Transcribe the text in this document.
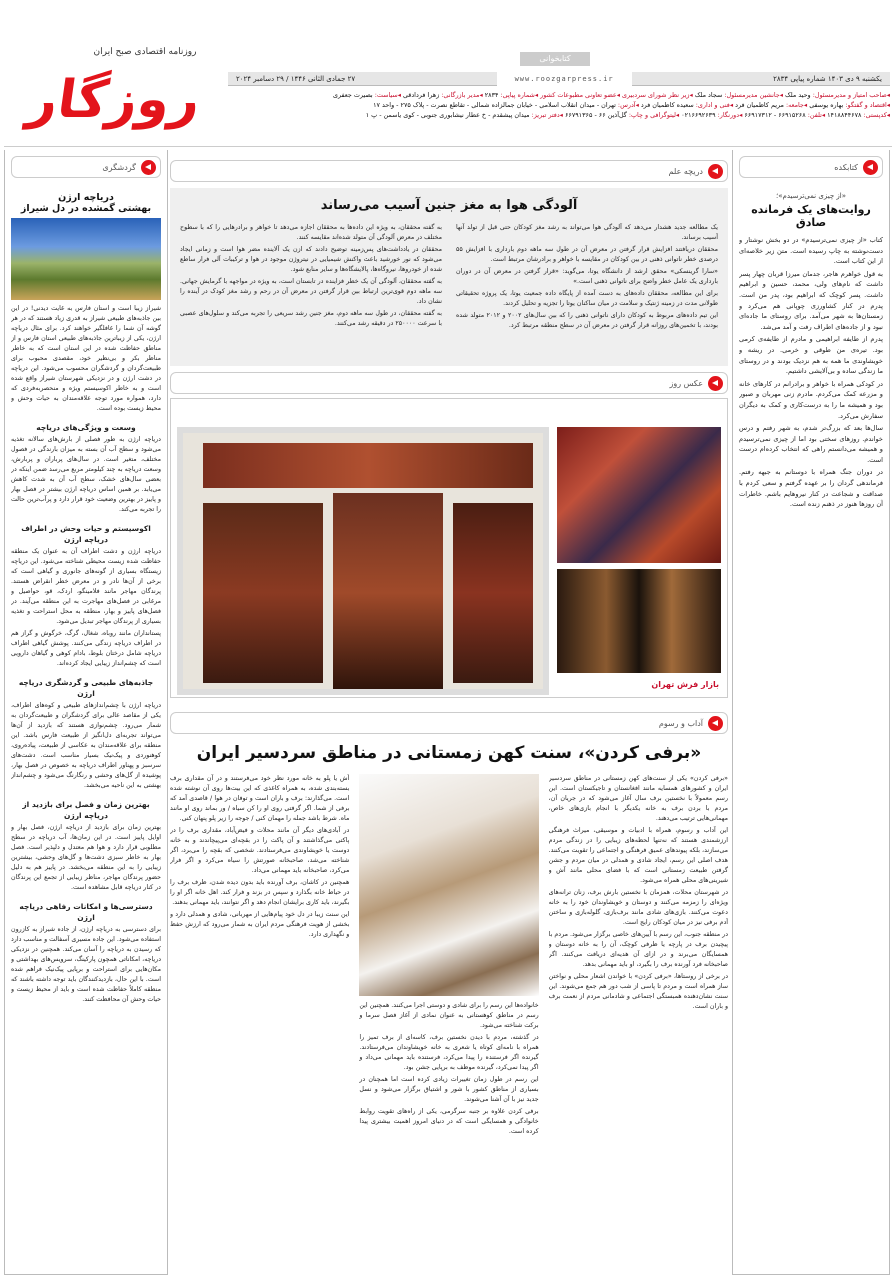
روزنامه اقتصادی صبح ایران
روزگار
کتابخوانی
یکشنبه ۹ دی ۱۴۰۳ شماره پیاپی ۲۸۳۴
www.roozgarpress.ir
۲۷ جمادی الثانی ۱۴۴۶ / ۲۹ دسامبر ۲۰۲۴
◂صاحب امتیاز و مدیرمسئول: وحید ملک ◂جانشین مدیرمسئول: سجاد ملک ◂زیر نظر شورای سردبیری ◂عضو تعاونی مطبوعات کشور ◂شماره پیاپی: ۲۸۳۴ ◂مدیر بازرگانی: زهرا فردادقی ◂سیاست: بصیرت جعفری
◂اقتصاد و گفتگو: بهاره یوسفی ◂جامعه: مریم کاظمیان فرد ◂فنی و اداری: سعیده کاظمیان فرد ◂آدرس: تهران - میدان انقلاب اسلامی - خیابان جمالزاده شمالی - تقاطع نصرت - پلاک ۲۷۵ - واحد ۱۷
◂کدپستی: ۱۴۱۸۸۴۴۶۷۸ ◂تلفن: ۶۶۹۱۵۲۶۸ - ۶۶۹۱۷۳۱۲ ◂دورنگار: ۰۲۱۶۶۹۲۶۳۹ ◂لیتوگرافی و چاپ: گل‌آذین ۶۶ - ۶۶۷۹۱۳۶۵ ◂دفتر تبریز: میدان پیشقدم - خ عطار نیشابوری جنوبی - کوی یاسمن - پ ۱
کتابکده
«از چیزی نمی‌ترسیدم»؛
روایت‌های یک فرمانده صادق

کتاب «از چیزی نمی‌ترسیدم» در دو بخش نوشتار و دست‌نوشته به چاپ رسیده است. متن زیر خلاصه‌ای از این کتاب است.

به قول خواهرم هاجر، جدمان میرزا قربان چهار پسر داشت که نام‌های ولی، محمد، حسین و ابراهیم داشت. پسر کوچک که ابراهیم بود، پدر من است. پدرم در کنار کشاورزی چوپانی هم می‌کرد و زمستان‌ها به شهر می‌آمد. برای روستای ما جاده‌ای نبود و از جاده‌های اطراف رفت و آمد می‌شد.

پدرم از طایفه ابراهیمی و مادرم از طایفه‌ی کرمی بود. تیره‌ی من طوقی و خرمی. در ریشه و خویشاوندی ما همه به هم نزدیک بودند و در روستای ما زندگی ساده و بی‌آلایشی داشتیم.

در کودکی همراه با خواهر و برادرانم در کارهای خانه و مزرعه کمک می‌کردم. مادرم زنی مهربان و صبور بود و همیشه ما را به درست‌کاری و کمک به دیگران سفارش می‌کرد.

سال‌ها بعد که بزرگ‌تر شدم، به شهر رفتم و درس خواندم. روزهای سختی بود اما از چیزی نمی‌ترسیدم و همیشه می‌دانستم راهی که انتخاب کرده‌ام درست است.

در دوران جنگ همراه با دوستانم به جبهه رفتم. فرماندهی گردان را بر عهده گرفتم و سعی کردم با صداقت و شجاعت در کنار نیروهایم باشم. خاطرات آن روزها هنوز در ذهنم زنده است.

گردشگری
دریاچه ارژن
بهشتی گمشده در دل شیراز

شیراز زیبا است و استان فارس به غایت دیدنی! در این بین جاذبه‌های طبیعی شیراز به قدری زیاد هستند که در هر گوشه آن شما را غافلگیر خواهند کرد. برای مثال دریاچه ارژن، یکی از زیباترین جاذبه‌های طبیعی استان فارس و از مناطق حفاظت شده در این استان است که به خاطر مناظر بکر و بی‌نظیر خود، مقصدی محبوب برای طبیعت‌گردان و گردشگران محسوب می‌شود. این دریاچه در دشت ارژن و در نزدیکی شهرستان شیراز واقع شده است و به خاطر اکوسیستم ویژه و منحصربه‌فردی که دارد، همواره مورد توجه علاقه‌مندان به حیات وحش و محیط زیست بوده است.

وسعت و ویژگی‌های دریاچه

دریاچه ارژن به طور فصلی از بارش‌های سالانه تغذیه می‌شود و سطح آب آن بسته به میزان بارندگی در فصول مختلف، متغیر است. در سال‌های پرباران و پربارش، وسعت دریاچه به چند کیلومتر مربع می‌رسد ضمن اینکه در بعضی سال‌های خشک، سطح آب آن به شدت کاهش می‌یابد. بر همین اساس دریاچه ارژن بیشتر در فصل بهار و پاییز در بهترین وضعیت خود قرار دارد و پرآب‌ترین حالت را تجربه می‌کند.

اکوسیستم و حیات وحش در اطراف دریاچه ارژن

دریاچه ارژن و دشت اطراف آن به عنوان یک منطقه حفاظت شده زیست محیطی شناخته می‌شود. این دریاچه زیستگاه بسیاری از گونه‌های جانوری و گیاهی است که برخی از آن‌ها نادر و در معرض خطر انقراض هستند. پرندگان مهاجر مانند فلامینگو، اردک، قو، حواصیل و مرغابی در فصل‌های مهاجرت به این منطقه می‌آیند. در فصل‌های پاییز و بهار، منطقه به محل استراحت و تغذیه بسیاری از پرندگان مهاجر تبدیل می‌شود.

پستانداران مانند روباه، شغال، گرگ، خرگوش و گراز هم در اطراف دریاچه زندگی می‌کنند. پوشش گیاهی اطراف دریاچه شامل درختان بلوط، بادام کوهی و گیاهان دارویی است که چشم‌انداز زیبایی ایجاد کرده‌اند.

جاذبه‌های طبیعی و گردشگری دریاچه ارژن

دریاچه ارژن با چشم‌اندازهای طبیعی و کوه‌های اطراف، یکی از مقاصد عالی برای گردشگران و طبیعت‌گردان به شمار می‌رود. چشم‌نوازی هستند که بازدید از آن‌ها می‌تواند تجربه‌ای دل‌انگیز از طبیعت فارس باشد. این منطقه برای علاقه‌مندان به عکاسی از طبیعت، پیاده‌روی، کوهنوردی و پیک‌نیک بسیار مناسب است. دشت‌های سرسبز و پهناور اطراف دریاچه به خصوص در فصل بهار، پوشیده از گل‌های وحشی و رنگارنگ می‌شود و چشم‌انداز بهشتی به این ناحیه می‌بخشد.

بهترین زمان و فصل برای بازدید از دریاچه ارژن

بهترین زمان برای بازدید از دریاچه ارژن، فصل بهار و اوایل پاییز است. در این زمان‌ها، آب دریاچه در سطح مطلوبی قرار دارد و هوا هم معتدل و دلپذیر است. فصل بهار به خاطر سبزی دشت‌ها و گل‌های وحشی، بیشترین زیبایی را به این منطقه می‌بخشد. در پاییز هم به دلیل حضور پرندگان مهاجر، مناظر زیبایی از تجمع این پرندگان در کنار دریاچه قابل مشاهده است.

دسترسی‌ها و امکانات رفاهی دریاچه ارژن

برای دسترسی به دریاچه ارژن، از جاده شیراز به کازرون استفاده می‌شود. این جاده مسیری آسفالت و مناسب دارد که رسیدن به دریاچه را آسان می‌کند. همچنین در نزدیکی دریاچه، امکاناتی همچون پارکینگ، سرویس‌های بهداشتی و مکان‌هایی برای استراحت و برپایی پیک‌نیک فراهم شده است. با این حال، بازدیدکنندگان باید توجه داشته باشند که منطقه کاملاً حفاظت شده است و باید از محیط زیست و حیات وحش آن محافظت کنند.

دریچه علم
آلودگی هوا به مغز جنین آسیب می‌رساند

یک مطالعه جدید هشدار می‌دهد که آلودگی هوا می‌تواند به رشد مغز کودکان حتی قبل از تولد آنها آسیب برساند.

محققان دریافتند افزایش قرار گرفتن در معرض آن در طول سه ماهه دوم بارداری با افزایش ۵۵ درصدی خطر ناتوانی ذهنی در بین کودکان در مقایسه با خواهر و برادرشان مرتبط است.

«سارا گرینسکی» محقق ارشد از دانشگاه یوتا، می‌گوید: «قرار گرفتن در معرض آن در دوران بارداری یک عامل خطر واضح برای ناتوانی ذهنی است.»

برای این مطالعه، محققان داده‌های به دست آمده از پایگاه داده جمعیت یوتا، یک پروژه تحقیقاتی طولانی مدت در زمینه ژنتیک و سلامت در میان ساکنان یوتا را تجزیه و تحلیل کردند.

این تیم داده‌های مربوط به کودکان دارای ناتوانی ذهنی را که بین سال‌های ۲۰۰۲ و ۲۰۱۲ متولد شده بودند، با تخمین‌های روزانه قرار گرفتن در معرض آن در سطح منطقه مرتبط کرد.

به گفته محققان، به ویژه این داده‌ها به محققان اجازه می‌دهد تا خواهر و برادرهایی را که با سطوح مختلف در معرض آلودگی آن متولد شده‌اند مقایسه کنند.

محققان در یادداشت‌های پس‌زمینه توضیح دادند که ازن یک آلاینده مضر هوا است و زمانی ایجاد می‌شود که نور خورشید باعث واکنش شیمیایی در نیتروژن موجود در هوا و ترکیبات آلی فرار ساطع شده از خودروها، نیروگاه‌ها، پالایشگاه‌ها و سایر منابع شود.

به گفته محققان، آلودگی آن یک خطر فزاینده در تابستان است، به ویژه در مواجهه با گرمایش جهانی. سه ماهه دوم قوی‌ترین ارتباط بین قرار گرفتن در معرض آن در رحم و رشد مغز کودک در آینده را نشان داد.

به گفته محققان، در طول سه ماهه دوم، مغز جنین رشد سریعی را تجربه می‌کند و سلول‌های عصبی با سرعت ۲۵۰۰۰۰ در دقیقه رشد می‌کنند.

عکس روز
بازار فرش تهران
آداب و رسوم
«برفی کردن»، سنت کهن زمستانی در مناطق سردسیر ایران

«برفی کردن» یکی از سنت‌های کهن زمستانی در مناطق سردسیر ایران و کشورهای همسایه مانند افغانستان و تاجیکستان است. این رسم معمولاً با نخستین برف سال آغاز می‌شود که در جریان آن، مردم با بردن برف به خانه یکدیگر با انجام بازی‌های خاص، مهمانی‌هایی ترتیب می‌دهند.

این آداب و رسوم، همراه با ادبیات و موسیقی، میراث فرهنگی ارزشمندی هستند که نه‌تنها لحظه‌های زیبایی را در زندگی مردم می‌سازند، بلکه پیوندهای عمیق فرهنگی و اجتماعی را تقویت می‌کنند. هدف اصلی این رسم، ایجاد شادی و همدلی در میان مردم و جشن گرفتن طبیعت زمستانی است که با فضای محلی مانند آش و شیرینی‌های محلی همراه می‌شود.

در شهرستان محلات، همزمان با نخستین بارش برف، زنان ترانه‌های ویژه‌ای را زمزمه می‌کنند و دوستان و خویشاوندان خود را به خانه دعوت می‌کنند. بازی‌های شادی مانند برف‌بازی، گلوله‌بازی و ساختن آدم برفی نیز در میان کودکان رایج است.

در منطقه جنوب، این رسم با آیین‌های خاصی برگزار می‌شود. مردم با پیچیدن برف در پارچه یا ظرفی کوچک، آن را به خانه دوستان و همسایگان می‌برند و در ازای آن هدیه‌ای دریافت می‌کنند. اگر صاحبخانه فرد آورنده برف را بگیرد، او باید مهمانی بدهد.

در برخی از روستاها، «برفی کردن» با خواندن اشعار محلی و نواختن ساز همراه است و مردم تا پاسی از شب دور هم جمع می‌شوند. این سنت نشان‌دهنده همبستگی اجتماعی و شادمانی مردم از نعمت برف و باران است.

خانواده‌ها این رسم را برای شادی و دوستی اجرا می‌کنند. همچنین این رسم در مناطق کوهستانی به عنوان نمادی از آغاز فصل سرما و برکت شناخته می‌شود.

در گذشته، مردم با دیدن نخستین برف، کاسه‌ای از برف تمیز را همراه با نامه‌ای کوتاه یا شعری به خانه خویشاوندان می‌فرستادند. گیرنده اگر فرستنده را پیدا می‌کرد، فرستنده باید مهمانی می‌داد و اگر پیدا نمی‌کرد، گیرنده موظف به برپایی جشن بود.

این رسم در طول زمان تغییرات زیادی کرده است اما همچنان در بسیاری از مناطق کشور با شور و اشتیاق برگزار می‌شود و نسل جدید نیز با آن آشنا می‌شوند.

برفی کردن علاوه بر جنبه سرگرمی، یکی از راه‌های تقویت روابط خانوادگی و همسایگی است که در دنیای امروز اهمیت بیشتری پیدا کرده است.

آش یا پلو به خانه مورد نظر خود می‌فرستند و در آن مقداری برف بسته‌بندی شده، به همراه کاغذی که این بیت‌ها روی آن نوشته شده است. می‌گذارند: برف و باران است و توفان در هوا / قاصدی آمد که برفی از شما. اگر گرفتی روی او را کن سیاه / ور بماند روی او مانند ماه. شرط باشد جمله را مهمان کنی / جوجه را زیر پلو پنهان کنی.

در آبادی‌های دیگر آن مانند محلات و فیض‌آباد، مقداری برف را در پاکتی می‌گذاشتند و آن پاکت را در بقچه‌ای می‌پیچاندند و به خانه دوست یا خویشاوندی می‌فرستادند. شخصی که بقچه را می‌برد، اگر شناخته می‌شد، صاحبخانه صورتش را سیاه می‌کرد و اگر فرار می‌کرد، صاحبخانه باید مهمانی می‌داد.

همچنین در کاشان، برف آورنده باید بدون دیده شدن، ظرف برف را در حیاط خانه بگذارد و سپس در بزند و فرار کند. اهل خانه اگر او را بگیرند، باید کاری برایشان انجام دهد و اگر نتوانند، باید مهمانی بدهند.

این سنت زیبا در دل خود پیام‌هایی از مهربانی، شادی و همدلی دارد و بخشی از هویت فرهنگی مردم ایران به شمار می‌رود که ارزش حفظ و نگهداری دارد.
